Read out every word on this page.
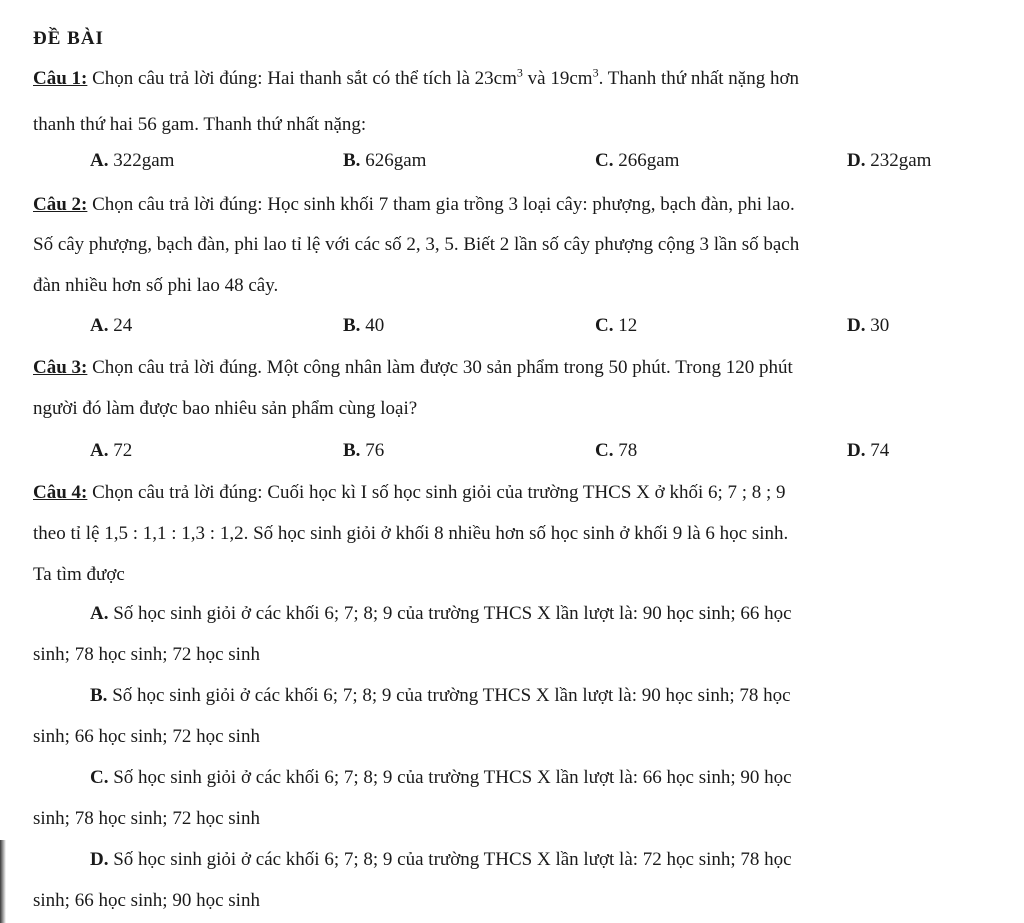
ĐỀ BÀI
Câu 1: Chọn câu trả lời đúng: Hai thanh sắt có thể tích là $23cm^3$ và $19cm^3$. Thanh thứ nhất nặng hơn
thanh thứ hai 56 gam. Thanh thứ nhất nặng:
A. 322gam	B. 626gam	C. 266gam	D. 232gam
Câu 2: Chọn câu trả lời đúng: Học sinh khối 7 tham gia trồng 3 loại cây: phượng, bạch đàn, phi lao.
Số cây phượng, bạch đàn, phi lao tỉ lệ với các số 2, 3, 5. Biết 2 lần số cây phượng cộng 3 lần số bạch
đàn nhiều hơn số phi lao 48 cây.
A. 24	B. 40	C. 12	D. 30
Câu 3: Chọn câu trả lời đúng. Một công nhân làm được 30 sản phẩm trong 50 phút. Trong 120 phút
người đó làm được bao nhiêu sản phẩm cùng loại?
A. 72	B. 76	C. 78	D. 74
Câu 4: Chọn câu trả lời đúng: Cuối học kì I số học sinh giỏi của trường THCS X ở khối 6; 7 ; 8 ; 9
theo tỉ lệ 1,5 : 1,1 : 1,3 : 1,2. Số học sinh giỏi ở khối 8 nhiều hơn số học sinh ở khối 9 là 6 học sinh.
Ta tìm được
A. Số học sinh giỏi ở các khối 6; 7; 8; 9 của trường THCS X lần lượt là: 90 học sinh; 66 học
sinh; 78 học sinh; 72 học sinh
B. Số học sinh giỏi ở các khối 6; 7; 8; 9 của trường THCS X lần lượt là: 90 học sinh; 78 học
sinh; 66 học sinh; 72 học sinh
C. Số học sinh giỏi ở các khối 6; 7; 8; 9 của trường THCS X lần lượt là: 66 học sinh; 90 học
sinh; 78 học sinh; 72 học sinh
D. Số học sinh giỏi ở các khối 6; 7; 8; 9 của trường THCS X lần lượt là: 72 học sinh; 78 học
sinh; 66 học sinh; 90 học sinh
